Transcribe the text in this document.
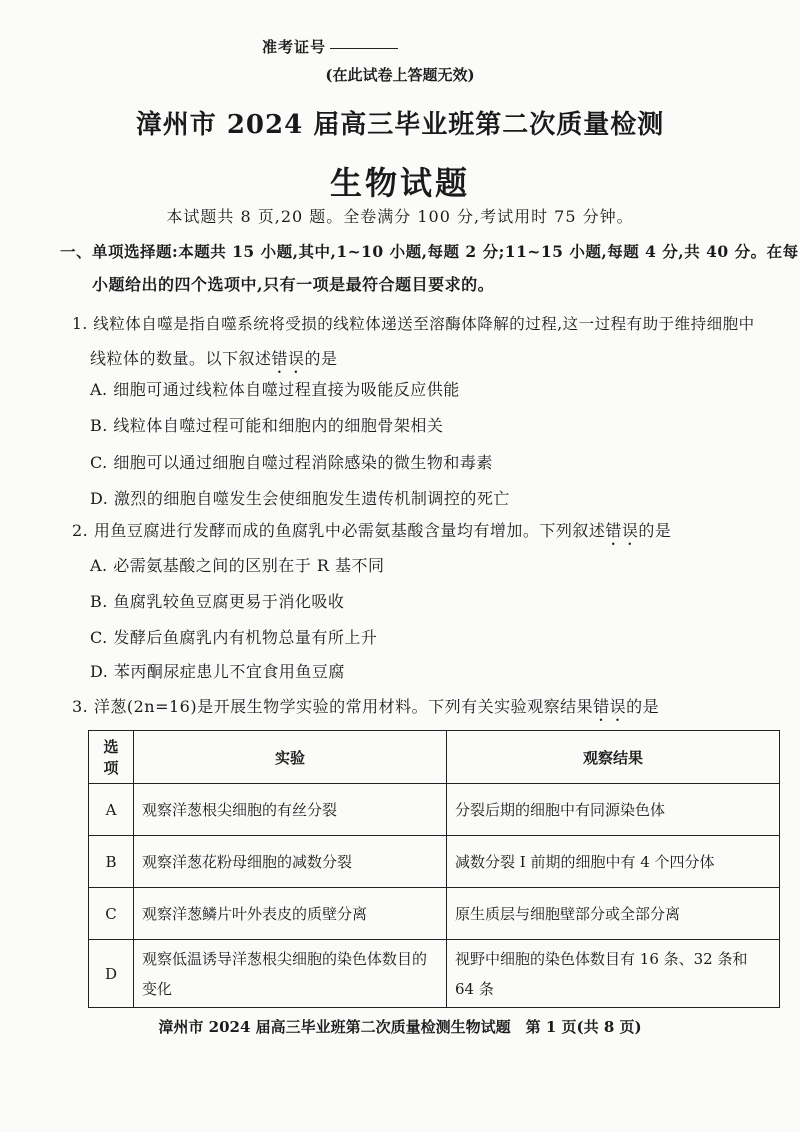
准考证号
(在此试卷上答题无效)
漳州市 2024 届高三毕业班第二次质量检测
生物试题
本试题共 8 页,20 题。全卷满分 100 分,考试用时 75 分钟。
一、单项选择题:本题共 15 小题,其中,1~10 小题,每题 2 分;11~15 小题,每题 4 分,共 40 分。在每
小题给出的四个选项中,只有一项是最符合题目要求的。
1. 线粒体自噬是指自噬系统将受损的线粒体递送至溶酶体降解的过程,这一过程有助于维持细胞中
线粒体的数量。以下叙述错误的是
A. 细胞可通过线粒体自噬过程直接为吸能反应供能
B. 线粒体自噬过程可能和细胞内的细胞骨架相关
C. 细胞可以通过细胞自噬过程消除感染的微生物和毒素
D. 激烈的细胞自噬发生会使细胞发生遗传机制调控的死亡
2. 用鱼豆腐进行发酵而成的鱼腐乳中必需氨基酸含量均有增加。下列叙述错误的是
A. 必需氨基酸之间的区别在于 R 基不同
B. 鱼腐乳较鱼豆腐更易于消化吸收
C. 发酵后鱼腐乳内有机物总量有所上升
D. 苯丙酮尿症患儿不宜食用鱼豆腐
3. 洋葱(2n=16)是开展生物学实验的常用材料。下列有关实验观察结果错误的是
选项	实验	观察结果
A	观察洋葱根尖细胞的有丝分裂	分裂后期的细胞中有同源染色体
B	观察洋葱花粉母细胞的减数分裂	减数分裂 I 前期的细胞中有 4 个四分体
C	观察洋葱鳞片叶外表皮的质壁分离	原生质层与细胞壁部分或全部分离
D	观察低温诱导洋葱根尖细胞的染色体数目的变化	视野中细胞的染色体数目有 16 条、32 条和 64 条
漳州市 2024 届高三毕业班第二次质量检测生物试题　第 1 页(共 8 页)
